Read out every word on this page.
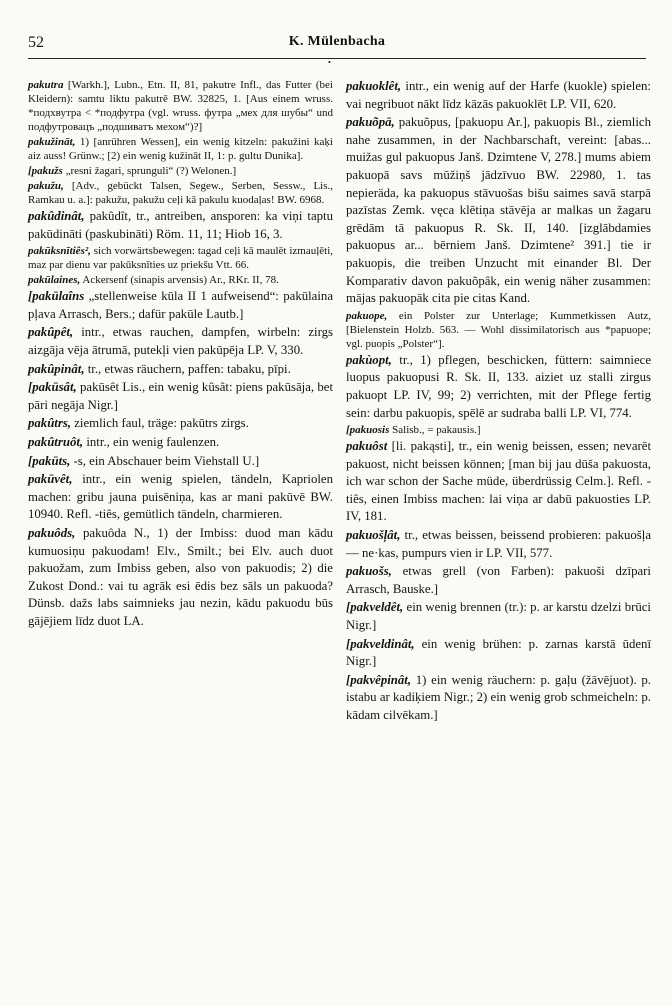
52	K. Mülenbacha
•

pakutra [Warkh.], Lubn., Etn. II, 81, pakutre Infl., das Futter (bei Kleidern): samtu liktu pakutrē BW. 32825, 1. [Aus einem wruss. *подхвутра < *подфутра (vgl. wruss. футра „мех для шубы“ und подфутровацъ „подшиватъ мехом“)?]

pakužināt, 1) [anrühren Wessen], ein wenig kitzeln: pakužini kaķi aiz auss! Grünw.; [2) ein wenig kužināt II, 1: p. gultu Dunika].

[pakužs „resni žagari, sprunguli“ (?) Welonen.]

pakužu, [Adv., gebückt Talsen, Segew., Serben, Sessw., Lis., Ramkau u. a.]: pakužu, pakužu ceļi kā pakulu kuodaļas! BW. 6968.

pakûdinât, pakûdît, tr., antreiben, ansporen: ka viņi taptu pakūdināti (paskubināti) Röm. 11, 11; Hiob 16, 3.

pakūksnītiês², sich vorwärtsbewegen: tagad ceļi kā maulēt izmauļēti, maz par dienu var pakūksnīties uz priekšu Vtt. 66.

pakūlaines, Ackersenf (sinapis arvensis) Ar., RKr. II, 78.

[pakūlaîns „stellenweise kūla II 1 aufweisend“: pakūlaina pļava Arrasch, Bers.; dafür pakūle Lautb.]

pakûpêt, intr., etwas rauchen, dampfen, wirbeln: zirgs aizgāja vēja ātrumā, putekļi vien pakūpēja LP. V, 330.

pakûpinât, tr., etwas räuchern, paffen: tabaku, pīpi.

[pakūsât, pakūsêt Lis., ein wenig kûsât: piens pakūsāja, bet pāri negāja Nigr.]

pakûtrs, ziemlich faul, träge: pakūtrs zirgs.

pakûtruôt, intr., ein wenig faulenzen.

[pakūts, -s, ein Abschauer beim Viehstall U.]

pakūvêt, intr., ein wenig spielen, tändeln, Kapriolen machen: gribu jauna puisēniņa, kas ar mani pakūvē BW. 10940. Refl. -tiês, gemütlich tändeln, charmieren.

pakuôds, pakuôda N., 1) der Imbiss: duod man kādu kumuosiņu pakuodam! Elv., Smilt.; bei Elv. auch duot pakuožam, zum Imbiss geben, also von pakuodis; 2) die Zukost Dond.: vai tu agrāk esi ēdis bez sāls un pakuoda? Dünsb. dažs labs saimnieks jau nezin, kādu pakuodu būs gājējiem līdz duot LA.

pakuoklêt, intr., ein wenig auf der Harfe (kuokle) spielen: vai negribuot nākt līdz kāzās pakuoklēt LP. VII, 620.

pakuõpā, pakuõpus, [pakuopu Ar.], pakuopis Bl., ziemlich nahe zusammen, in der Nachbarschaft, vereint: [abas... muižas gul pakuopus Janš. Dzimtene V, 278.] mums abiem pakuopā savs mūžiņš jādzīvuo BW. 22980, 1. tas nepieräda, ka pakuopus stāvuošas bišu saimes savā starpā pazīstas Zemk. vęca klētiņa stāvēja ar malkas un žagaru grēdām tā pakuopus R. Sk. II, 140. [izglābdamies pakuopus ar... bērniem Janš. Dzimtene² 391.] tie ir pakuopis, die treiben Unzucht mit einander Bl. Der Komparativ davon pakuõpâk, ein wenig näher zusammen: mājas pakuopāk cita pie citas Kand.

pakuope, ein Polster zur Unterlage; Kummetkissen Autz, [Bielenstein Holzb. 563. — Wohl dissimilatorisch aus *papuope; vgl. puopis „Polster“].

pakùopt, tr., 1) pflegen, beschicken, füttern: saimniece luopus pakuopusi R. Sk. II, 133. aiziet uz stalli zirgus pakuopt LP. IV, 99; 2) verrichten, mit der Pflege fertig sein: darbu pakuopis, spēlē ar sudraba balli LP. VI, 774.

[pakuosis Salisb., = pakausis.]

pakuôst [li. pakąsti], tr., ein wenig beissen, essen; nevarēt pakuost, nicht beissen können; [man bij jau dūša pakuosta, ich war schon der Sache müde, überdrüssig Celm.]. Refl. -tiês, einen Imbiss machen: lai viņa ar dabū pakuosties LP. IV, 181.

pakuošļât, tr., etwas beissen, beissend probieren: pakuošļa — ne·kas, pumpurs vien ir LP. VII, 577.

pakuošs, etwas grell (von Farben): pakuoši dzīpari Arrasch, Bauske.]

[pakveldêt, ein wenig brennen (tr.): p. ar karstu dzelzi brūci Nigr.]

[pakveldinât, ein wenig brühen: p. zarnas karstā ūdenī Nigr.]

[pakvêpinât, 1) ein wenig räuchern: p. gaļu (žāvējuot). p. istabu ar kadiķiem Nigr.; 2) ein wenig grob schmeicheln: p. kādam cilvēkam.]
